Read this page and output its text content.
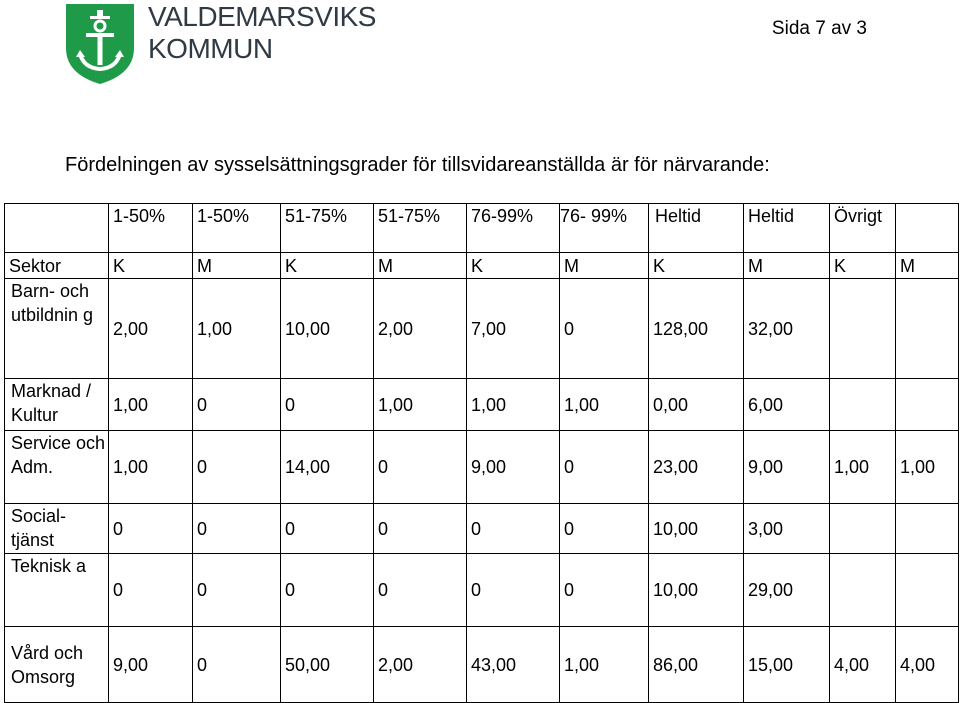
VALDEMARSVIKS
KOMMUN
Sida 7 av 3
Fördelningen av sysselsättningsgrader för tillsvidareanställda är för närvarande:
	1-50%	1-50%	51-75%	51-75%	76-99%	76- 99%	Heltid	Heltid	Övrigt	
Sektor	K	M	K	M	K	M	K	M	K	M
Barn- och utbildnin g	2,00	1,00	10,00	2,00	7,00	0	128,00	32,00		
Marknad / Kultur	1,00	0	0	1,00	1,00	1,00	0,00	6,00		
Service och Adm.	1,00	0	14,00	0	9,00	0	23,00	9,00	1,00	1,00
Social- tjänst	0	0	0	0	0	0	10,00	3,00		
Teknisk a	0	0	0	0	0	0	10,00	29,00		
Vård och Omsorg	9,00	0	50,00	2,00	43,00	1,00	86,00	15,00	4,00	4,00
